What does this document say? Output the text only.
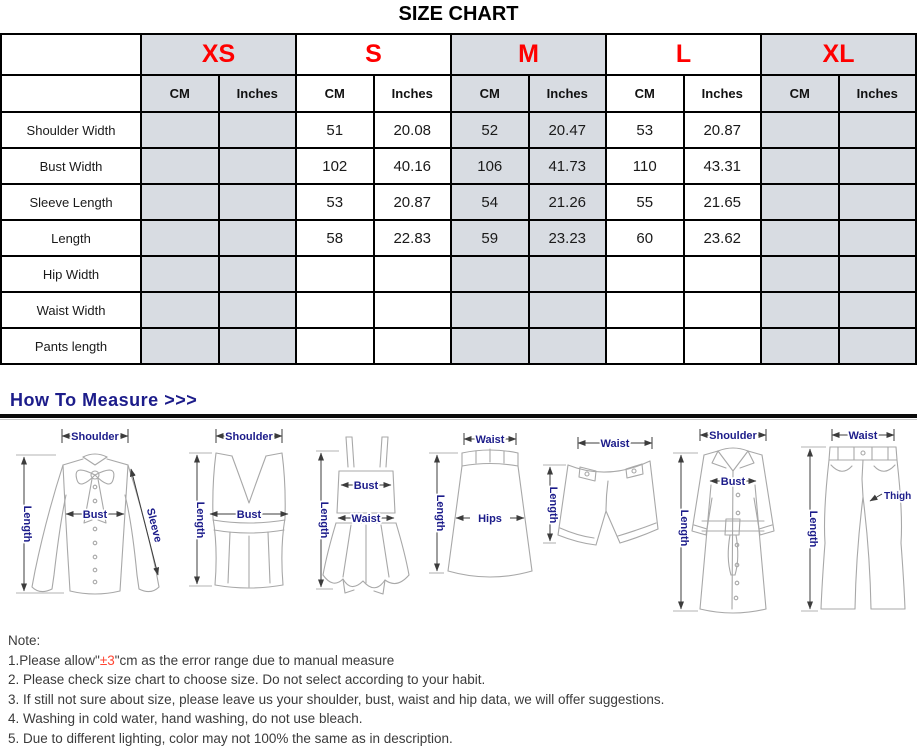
SIZE CHART
	XS		S		M		L		XL	
	CM	Inches	CM	Inches	CM	Inches	CM	Inches	CM	Inches
Shoulder Width			51	20.08	52	20.47	53	20.87		
Bust Width			102	40.16	106	41.73	110	43.31		
Sleeve Length			53	20.87	54	21.26	55	21.65		
Length			58	22.83	59	23.23	60	23.62		
Hip Width										
Waist Width										
Pants length										
How To Measure >>>
Shoulder
Length	Bust	Sleeve
Shoulder
Length	Bust
Bust
Waist
Length
Waist
Hips
Length
Waist
Length
Shoulder
Bust
Length
Waist
Thigh
Length
Note:
1.Please allow"±3"cm as the error range due to manual measure
2. Please check size chart to choose size. Do not select according to your habit.
3. If still not sure about size, please leave us your shoulder, bust, waist and hip data, we will offer suggestions.
4. Washing in cold water, hand washing, do not use bleach.
5. Due to different lighting, color may not 100% the same as in description.
